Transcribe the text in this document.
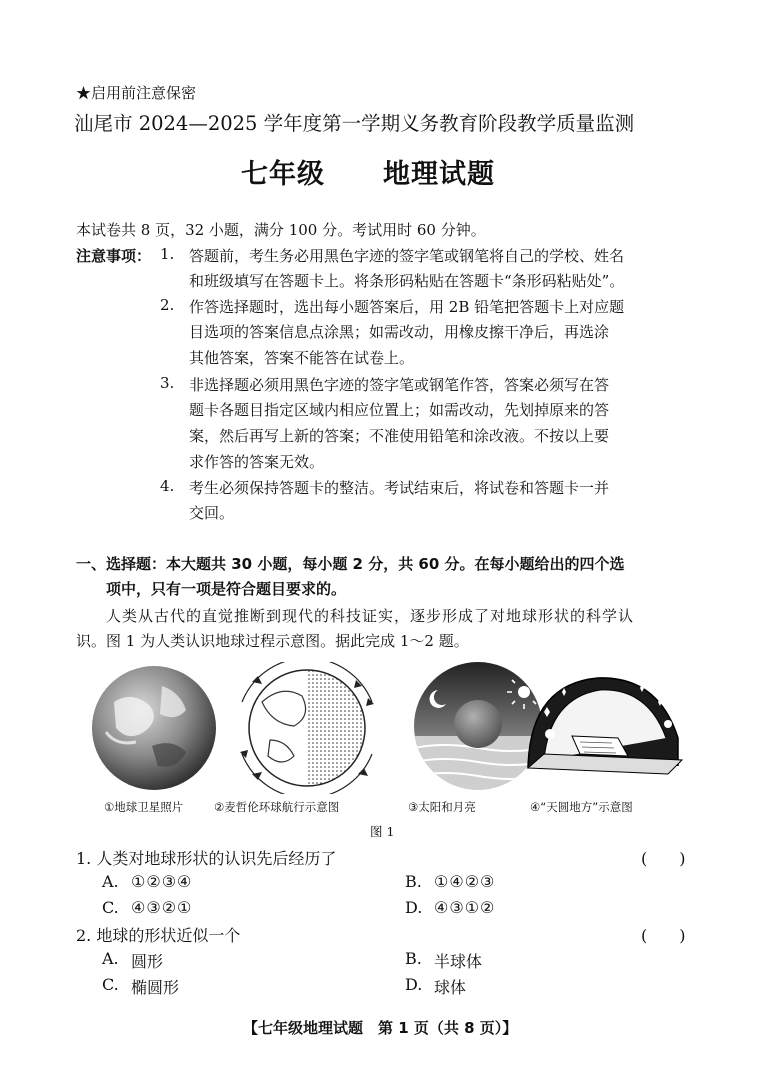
★启用前注意保密
汕尾市 2024—2025 学年度第一学期义务教育阶段教学质量监测
七年级 地理试题
本试卷共 8 页，32 小题，满分 100 分。考试用时 60 分钟。
注意事项： 1. 答题前，考生务必用黑色字迹的签字笔或钢笔将自己的学校、姓名
和班级填写在答题卡上。将条形码粘贴在答题卡“条形码粘贴处”。
2. 作答选择题时，选出每小题答案后，用 2B 铅笔把答题卡上对应题
目选项的答案信息点涂黑；如需改动，用橡皮擦干净后，再选涂
其他答案，答案不能答在试卷上。
3. 非选择题必须用黑色字迹的签字笔或钢笔作答，答案必须写在答
题卡各题目指定区域内相应位置上；如需改动，先划掉原来的答
案，然后再写上新的答案；不准使用铅笔和涂改液。不按以上要
求作答的答案无效。
4. 考生必须保持答题卡的整洁。考试结束后，将试卷和答题卡一并
交回。
一、选择题：本大题共 30 小题，每小题 2 分，共 60 分。在每小题给出的四个选
项中，只有一项是符合题目要求的。
人类从古代的直觉推断到现代的科技证实，逐步形成了对地球形状的科学认
识。图 1 为人类认识地球过程示意图。据此完成 1～2 题。
①地球卫星照片	②麦哲伦环球航行示意图	③太阳和月亮	④“天圆地方”示意图
图 1
1. 人类对地球形状的认识先后经历了	(　　)
A. ①②③④	B. ①④②③
C. ④③②①	D. ④③①②
2. 地球的形状近似一个	(　　)
A. 圆形	B. 半球体
C. 椭圆形	D. 球体
【七年级地理试题　第 1 页（共 8 页）】
